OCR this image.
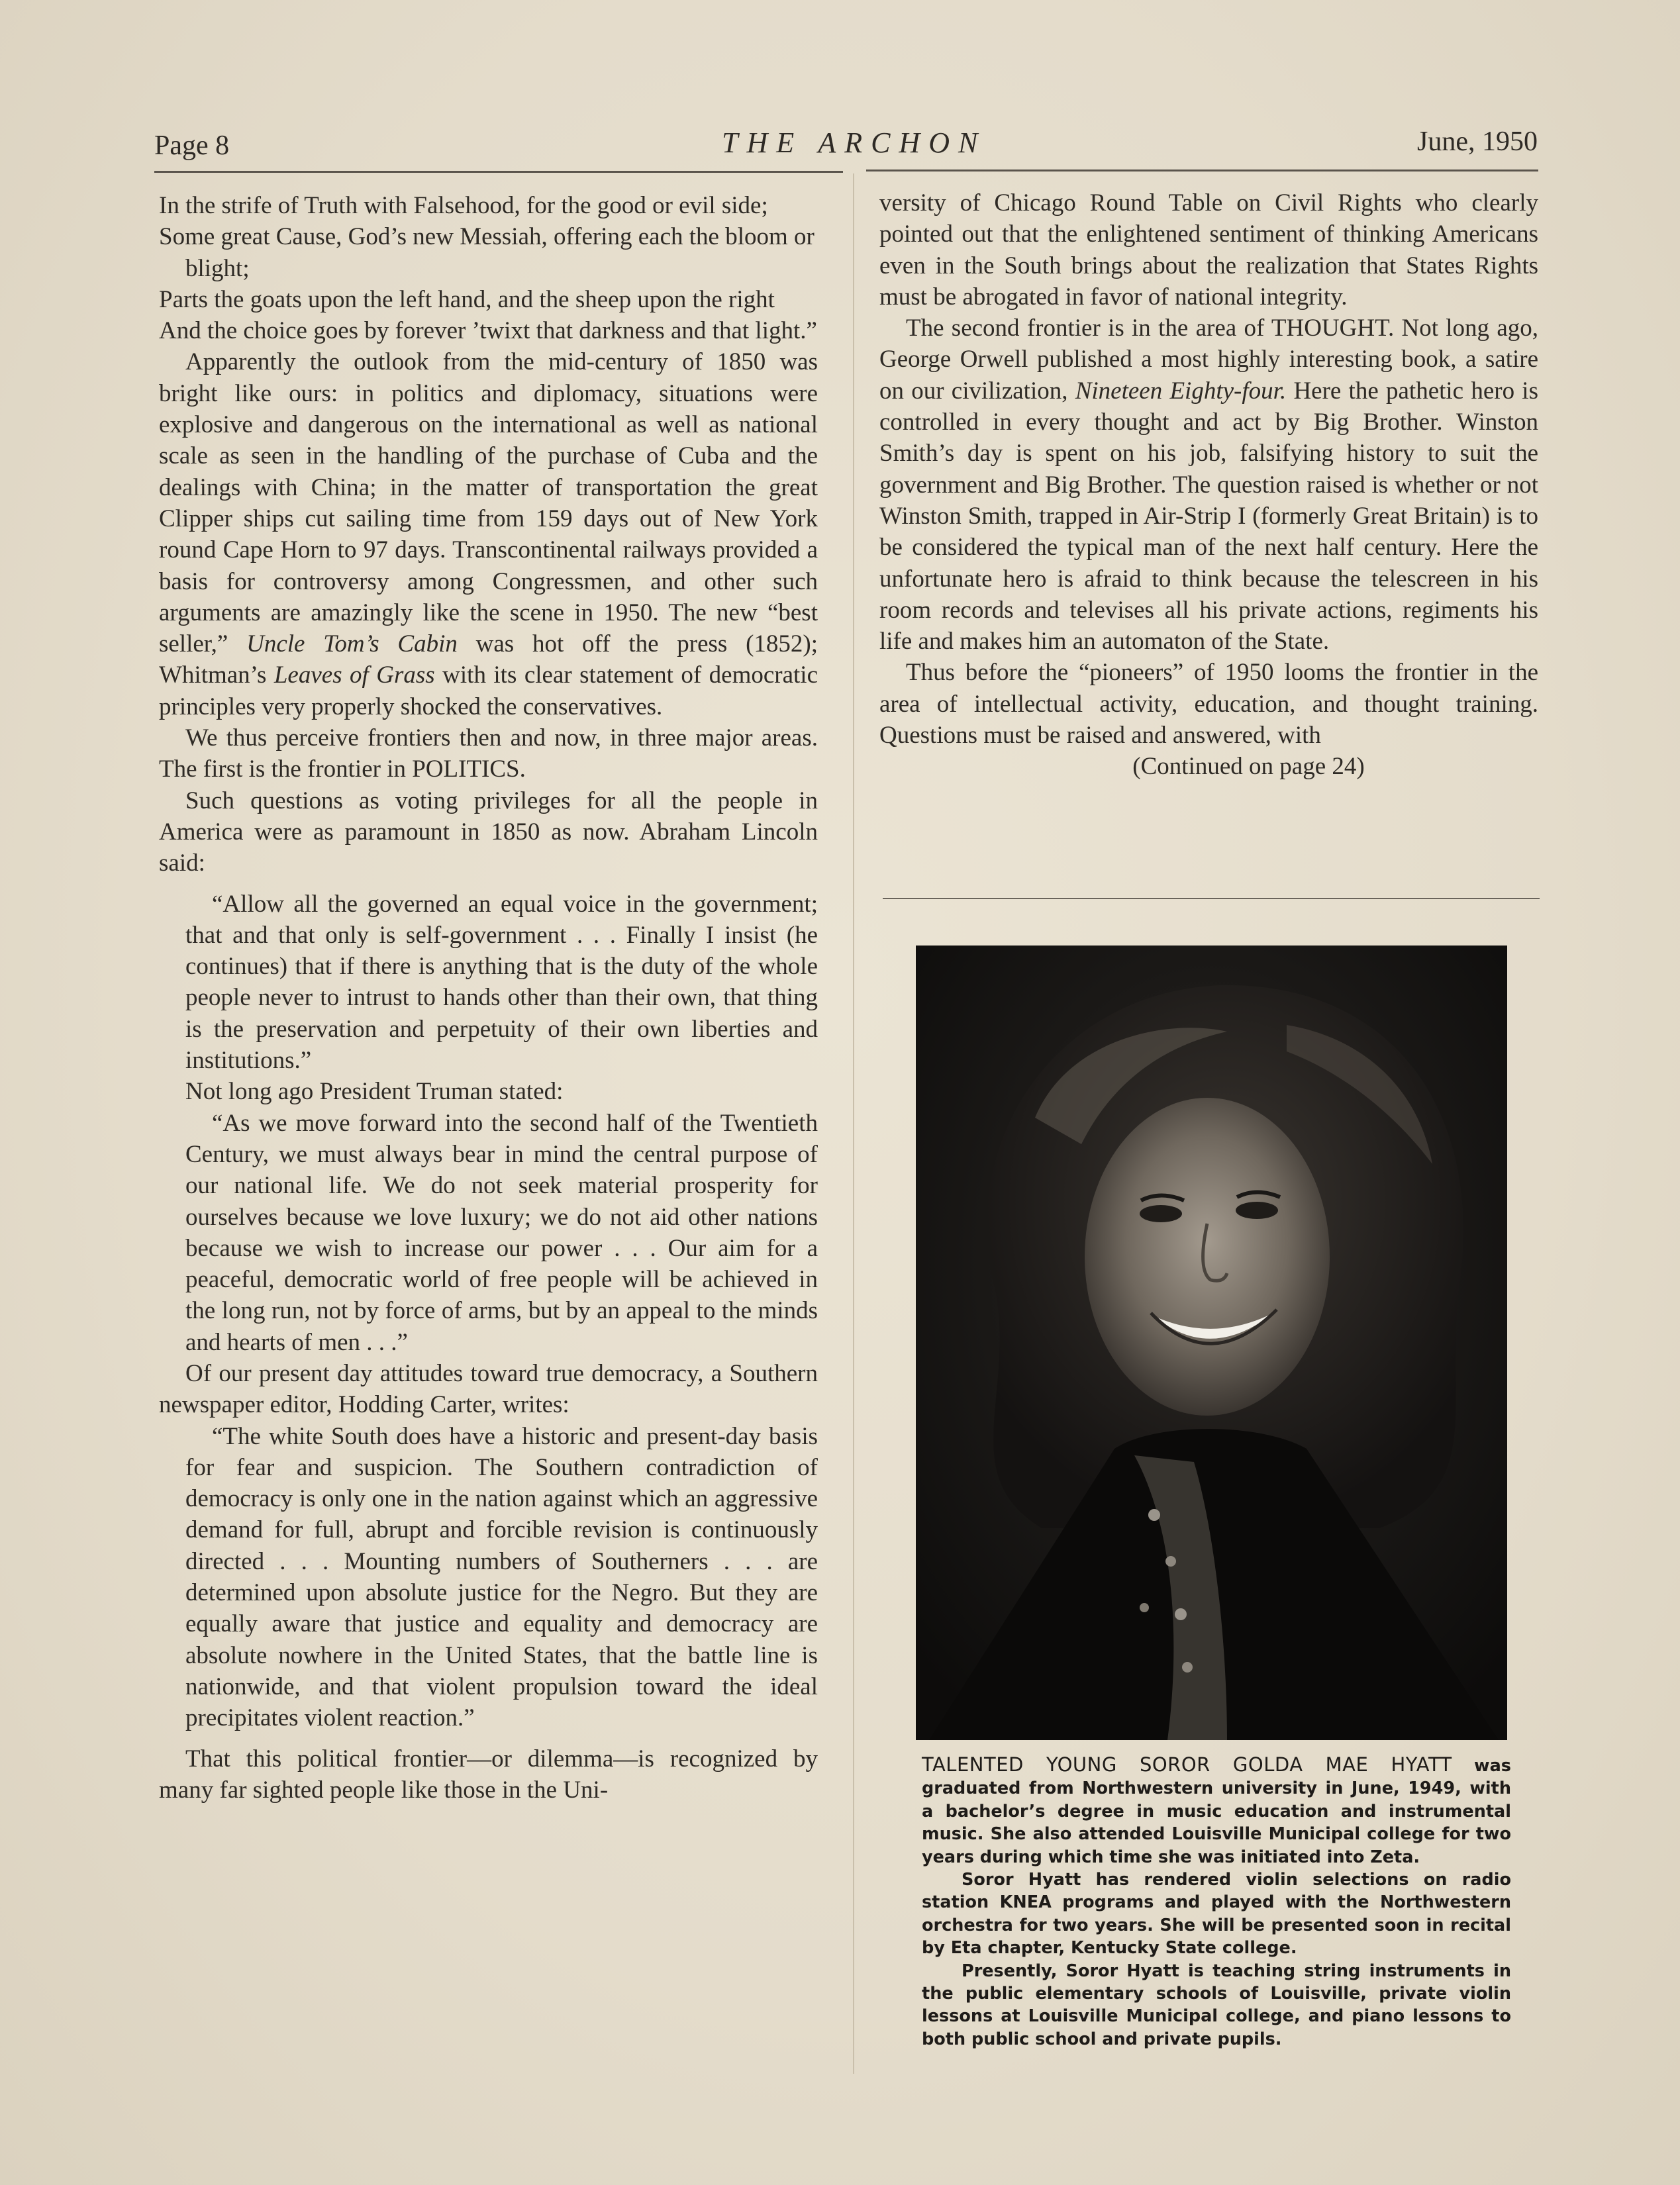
Page 8	THE ARCHON	June, 1950

In the strife of Truth with Falsehood, for the good or evil side;

Some great Cause, God’s new Messiah, offering each the bloom or blight;

Parts the goats upon the left hand, and the sheep upon the right

And the choice goes by forever ’twixt that darkness and that light.”

Apparently the outlook from the mid-century of 1850 was bright like ours: in politics and diplomacy, situations were explosive and dangerous on the international as well as national scale as seen in the handling of the purchase of Cuba and the dealings with China; in the matter of transportation the great Clipper ships cut sailing time from 159 days out of New York round Cape Horn to 97 days. Transcontinental railways provided a basis for controversy among Congressmen, and other such arguments are amazingly like the scene in 1950. The new “best seller,” Uncle Tom’s Cabin was hot off the press (1852); Whitman’s Leaves of Grass with its clear statement of democratic principles very properly shocked the conservatives.

We thus perceive frontiers then and now, in three major areas. The first is the frontier in POLITICS.

Such questions as voting privileges for all the people in America were as paramount in 1850 as now. Abraham Lincoln said:

“Allow all the governed an equal voice in the government; that and that only is self-government . . . Finally I insist (he continues) that if there is anything that is the duty of the whole people never to intrust to hands other than their own, that thing is the preservation and perpetuity of their own liberties and institutions.”

Not long ago President Truman stated:

“As we move forward into the second half of the Twentieth Century, we must always bear in mind the central purpose of our national life. We do not seek material prosperity for ourselves because we love luxury; we do not aid other nations because we wish to increase our power . . . Our aim for a peaceful, democratic world of free people will be achieved in the long run, not by force of arms, but by an appeal to the minds and hearts of men . . .”

Of our present day attitudes toward true democracy, a Southern newspaper editor, Hodding Carter, writes:

“The white South does have a historic and present-day basis for fear and suspicion. The Southern contradiction of democracy is only one in the nation against which an aggressive demand for full, abrupt and forcible revision is continuously directed . . . Mounting numbers of Southerners . . . are determined upon absolute justice for the Negro. But they are equally aware that justice and equality and democracy are absolute nowhere in the United States, that the battle line is nationwide, and that violent propulsion toward the ideal precipitates violent reaction.”

That this political frontier—or dilemma—is recognized by many far sighted people like those in the Uni-

versity of Chicago Round Table on Civil Rights who clearly pointed out that the enlightened sentiment of thinking Americans even in the South brings about the realization that States Rights must be abrogated in favor of national integrity.

The second frontier is in the area of THOUGHT. Not long ago, George Orwell published a most highly interesting book, a satire on our civilization, Nineteen Eighty-four. Here the pathetic hero is controlled in every thought and act by Big Brother. Winston Smith’s day is spent on his job, falsifying history to suit the government and Big Brother. The question raised is whether or not Winston Smith, trapped in Air-Strip I (formerly Great Britain) is to be considered the typical man of the next half century. Here the unfortunate hero is afraid to think because the telescreen in his room records and televises all his private actions, regiments his life and makes him an automaton of the State.

Thus before the “pioneers” of 1950 looms the frontier in the area of intellectual activity, education, and thought training. Questions must be raised and answered, with

(Continued on page 24)

TALENTED YOUNG SOROR GOLDA MAE HYATT was graduated from Northwestern university in June, 1949, with a bachelor’s degree in music education and instrumental music. She also attended Louisville Municipal college for two years during which time she was initiated into Zeta.

Soror Hyatt has rendered violin selections on radio station KNEA programs and played with the Northwestern orchestra for two years. She will be presented soon in recital by Eta chapter, Kentucky State college.

Presently, Soror Hyatt is teaching string instruments in the public elementary schools of Louisville, private violin lessons at Louisville Municipal college, and piano lessons to both public school and private pupils.
